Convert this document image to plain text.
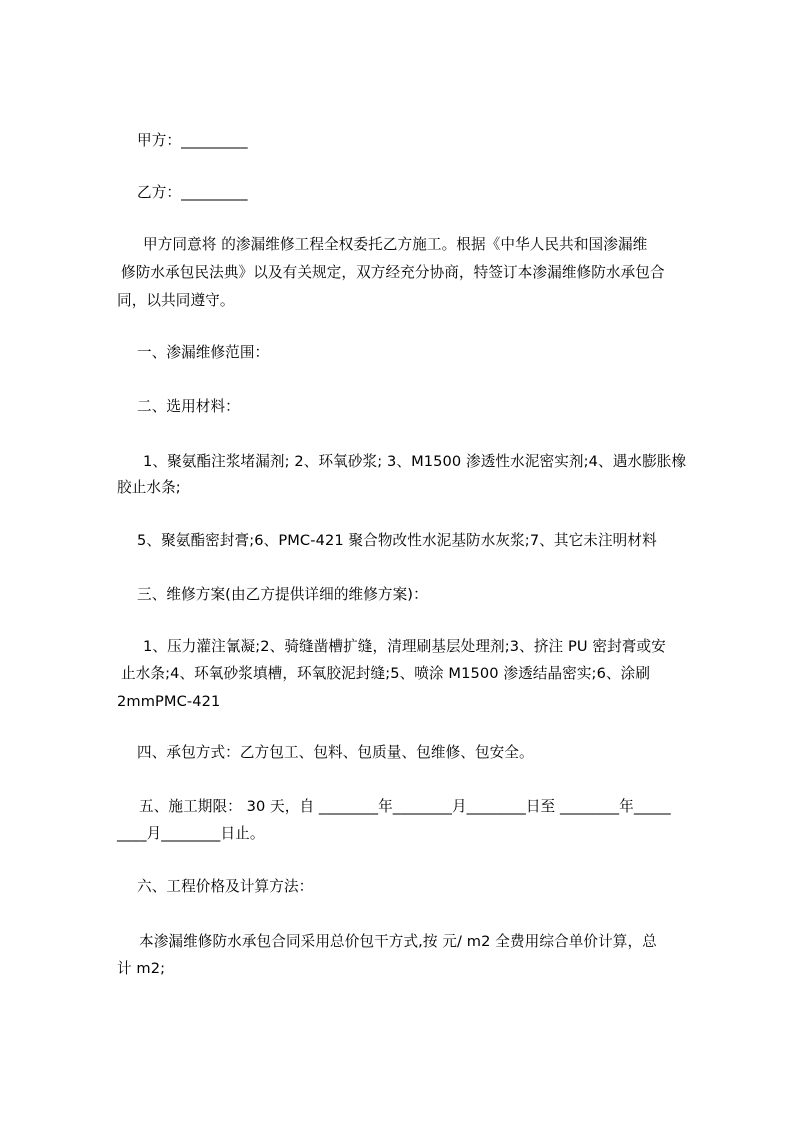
甲方：_________
乙方：_________
甲方同意将 的渗漏维修工程全权委托乙方施工。根据《中华人民共和国渗漏维
修防水承包民法典》以及有关规定，双方经充分协商，特签订本渗漏维修防水承包合
同，以共同遵守。
一、渗漏维修范围：
二、选用材料：
1、聚氨酯注浆堵漏剂; 2、环氧砂浆; 3、M1500 渗透性水泥密实剂;4、遇水膨胀橡
胶止水条;
5、聚氨酯密封膏;6、PMC-421 聚合物改性水泥基防水灰浆;7、其它未注明材料
三、维修方案(由乙方提供详细的维修方案)：
1、压力灌注氰凝;2、骑缝凿槽扩缝，清理刷基层处理剂;3、挤注 PU 密封膏或安
止水条;4、环氧砂浆填槽，环氧胶泥封缝;5、喷涂 M1500 渗透结晶密实;6、涂刷
2mmPMC-421
四、承包方式：乙方包工、包料、包质量、包维修、包安全。
五、施工期限： 30 天，自 ________年________月________日至 ________年_____
____月________日止。
六、工程价格及计算方法：
本渗漏维修防水承包合同采用总价包干方式,按 元/ m2 全费用综合单价计算，总
计 m2;
